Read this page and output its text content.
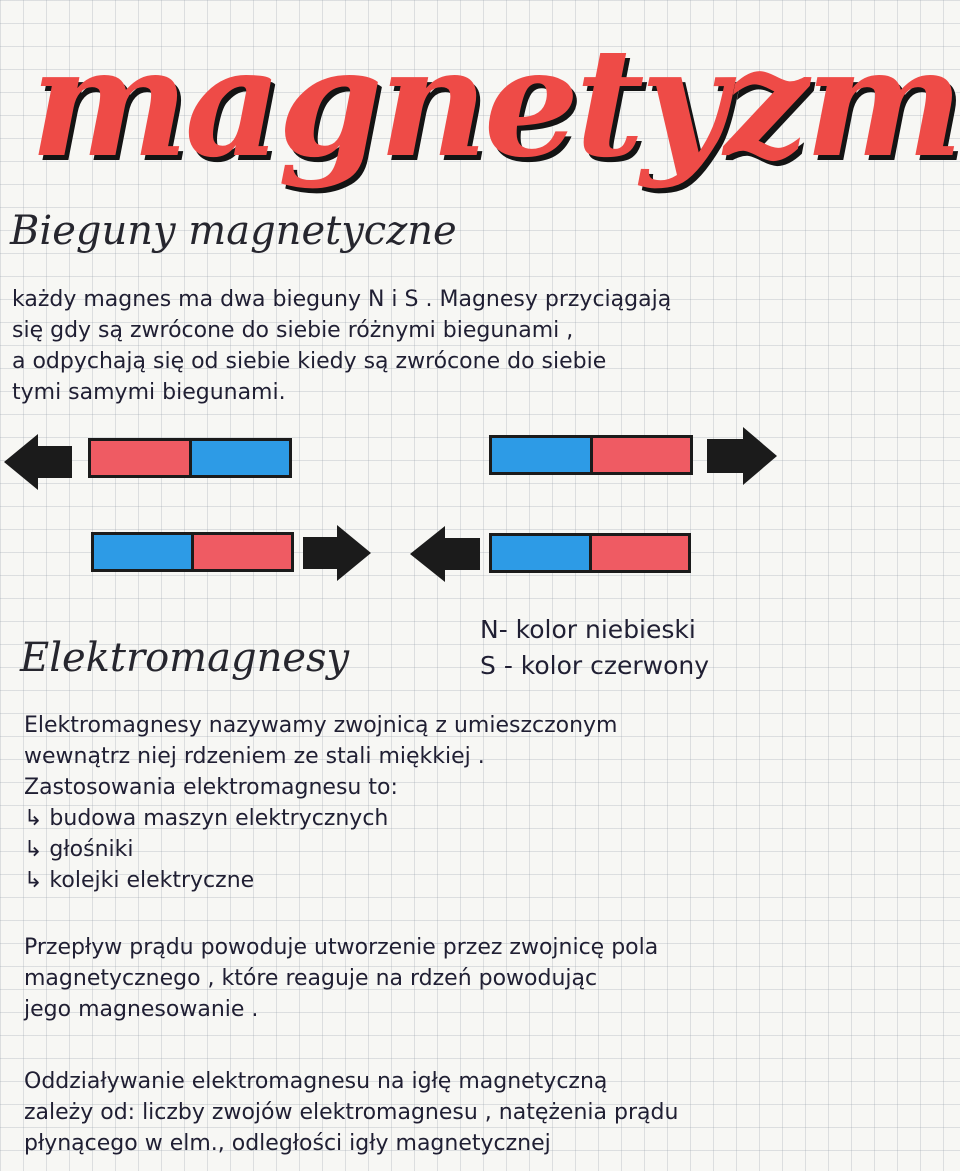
magnetyzm
Bieguny magnetyczne
każdy magnes ma dwa bieguny N i S . Magnesy przyciągają
się gdy są zwrócone do siebie różnymi biegunami ,
a odpychają się od siebie kiedy są zwrócone do siebie
tymi samymi biegunami.
N- kolor niebieski
S - kolor czerwony
Elektromagnesy
Elektromagnesy nazywamy zwojnicą z umieszczonym
wewnątrz niej rdzeniem ze stali miękkiej .
Zastosowania elektromagnesu to:
↳ budowa maszyn elektrycznych
↳ głośniki
↳ kolejki elektryczne
Przepływ prądu powoduje utworzenie przez zwojnicę pola
magnetycznego , które reaguje na rdzeń powodując
jego magnesowanie .
Oddziaływanie elektromagnesu na igłę magnetyczną
zależy od: liczby zwojów elektromagnesu , natężenia prądu
płynącego w elm., odległości igły magnetycznej
